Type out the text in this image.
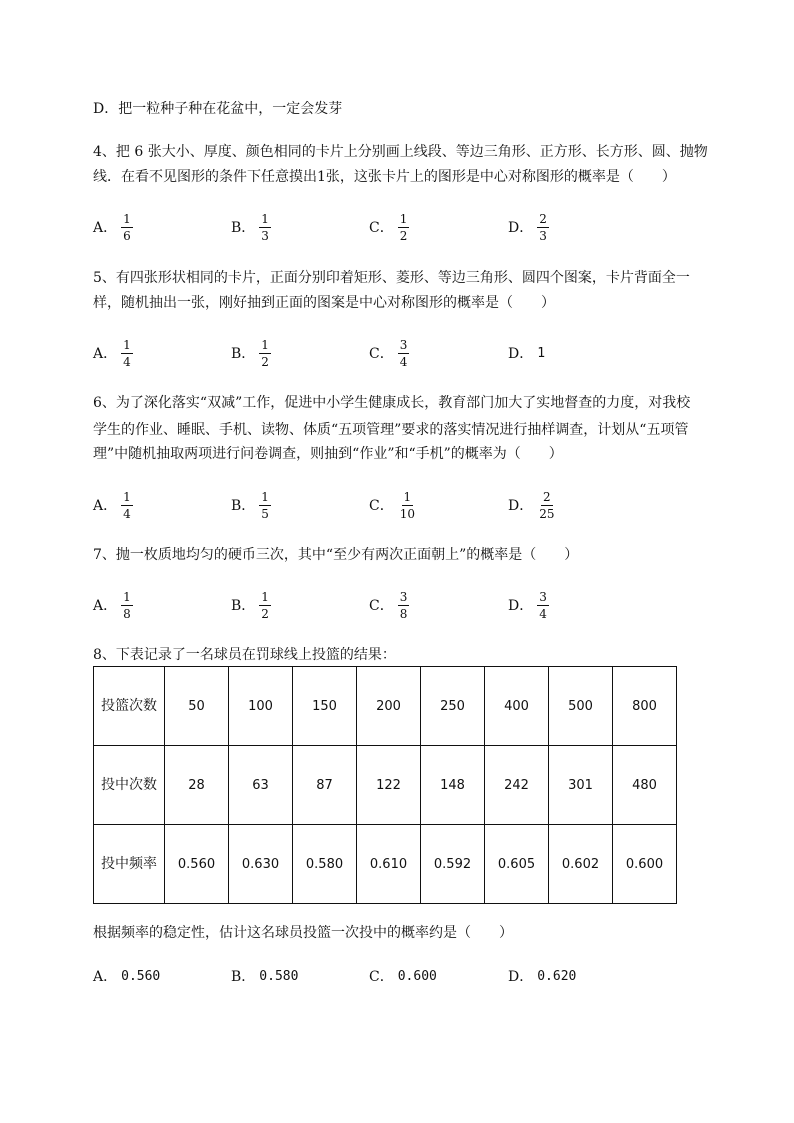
D．把一粒种子种在花盆中，一定会发芽
4、把 6 张大小、厚度、颜色相同的卡片上分别画上线段、等边三角形、正方形、长方形、圆、抛物
线．在看不见图形的条件下任意摸出1张，这张卡片上的图形是中心对称图形的概率是（　　）
A． $\frac{1}{6}$	B． $\frac{1}{3}$	C． $\frac{1}{2}$	D． $\frac{2}{3}$
5、有四张形状相同的卡片，正面分别印着矩形、菱形、等边三角形、圆四个图案，卡片背面全一
样，随机抽出一张，刚好抽到正面的图案是中心对称图形的概率是（　　）
A． $\frac{1}{4}$	B． $\frac{1}{2}$	C． $\frac{3}{4}$	D． 1
6、为了深化落实“双减”工作，促进中小学生健康成长，教育部门加大了实地督查的力度，对我校
学生的作业、睡眠、手机、读物、体质“五项管理”要求的落实情况进行抽样调查，计划从“五项管
理”中随机抽取两项进行问卷调查，则抽到“作业”和“手机”的概率为（　　）
A． $\frac{1}{4}$	B． $\frac{1}{5}$	C． $\frac{1}{10}$	D． $\frac{2}{25}$
7、抛一枚质地均匀的硬币三次，其中“至少有两次正面朝上”的概率是（　　）
A． $\frac{1}{8}$	B． $\frac{1}{2}$	C． $\frac{3}{8}$	D． $\frac{3}{4}$
8、下表记录了一名球员在罚球线上投篮的结果：
投篮次数	50	100	150	200	250	400	500	800
投中次数	28	63	87	122	148	242	301	480
投中频率	0.560	0.630	0.580	0.610	0.592	0.605	0.602	0.600
根据频率的稳定性，估计这名球员投篮一次投中的概率约是（　　）
A． 0.560	B． 0.580	C． 0.600	D． 0.620
